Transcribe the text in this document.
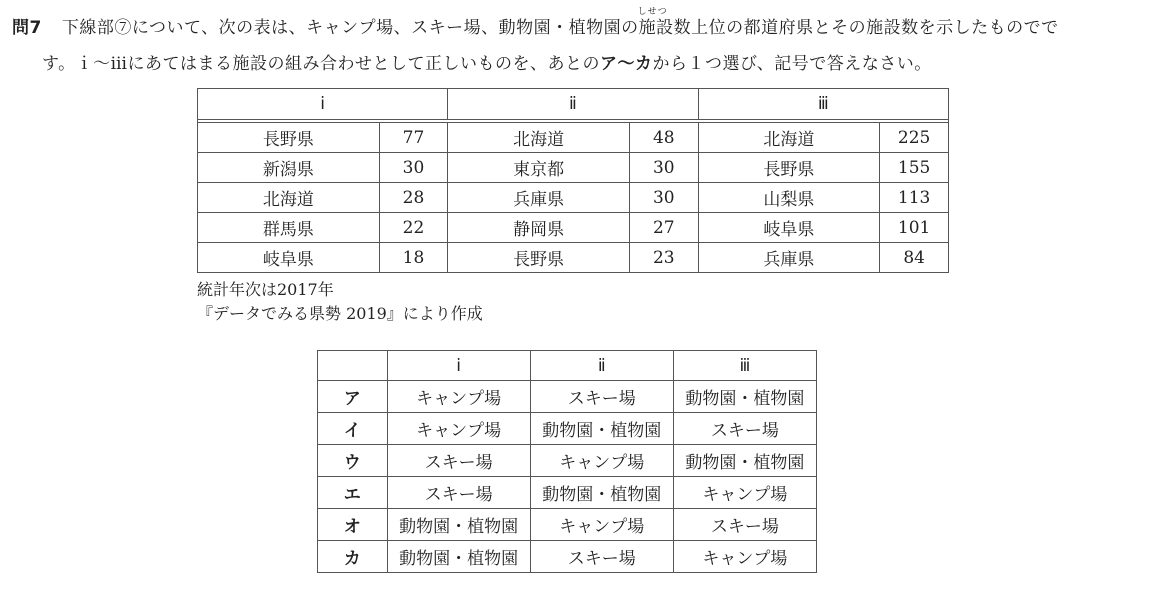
問7 下線部⑦について、次の表は、キャンプ場、スキー場、動物園・植物園の
しせつ
施設数上位の都道府県とその施設数を示したものでで
す。ｉ～ⅲにあてはまる施設の組み合わせとして正しいものを、あとのア～カから１つ選び、記号で答えなさい。
ⅰ		ⅱ		ⅲ	

長野県	77	北海道	48	北海道	225
新潟県	30	東京都	30	長野県	155
北海道	28	兵庫県	30	山梨県	113
群馬県	22	静岡県	27	岐阜県	101
岐阜県	18	長野県	23	兵庫県	84
統計年次は2017年
『データでみる県勢 2019』により作成
	ⅰ	ⅱ	ⅲ
ア	キャンプ場	スキー場	動物園・植物園
イ	キャンプ場	動物園・植物園	スキー場
ウ	スキー場	キャンプ場	動物園・植物園
エ	スキー場	動物園・植物園	キャンプ場
オ	動物園・植物園	キャンプ場	スキー場
カ	動物園・植物園	スキー場	キャンプ場
